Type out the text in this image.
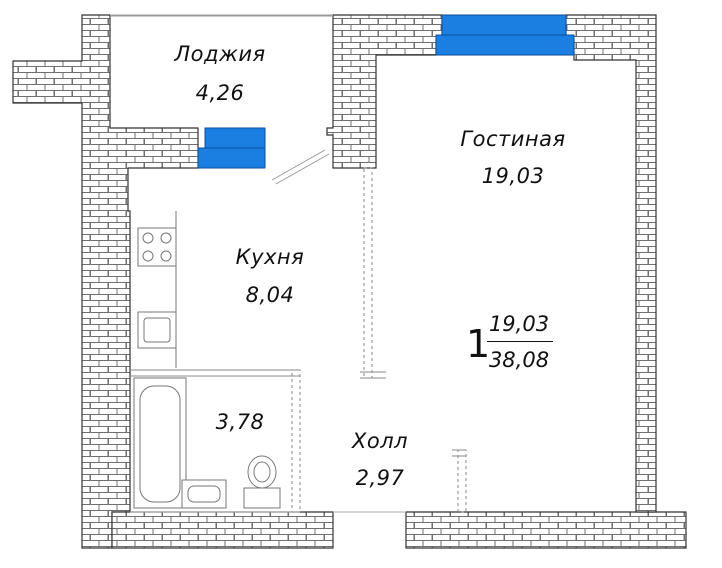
Лоджия
4,26
Гостиная
19,03
Кухня
8,04
3,78
Холл
2,97
1
19,03
38,08
